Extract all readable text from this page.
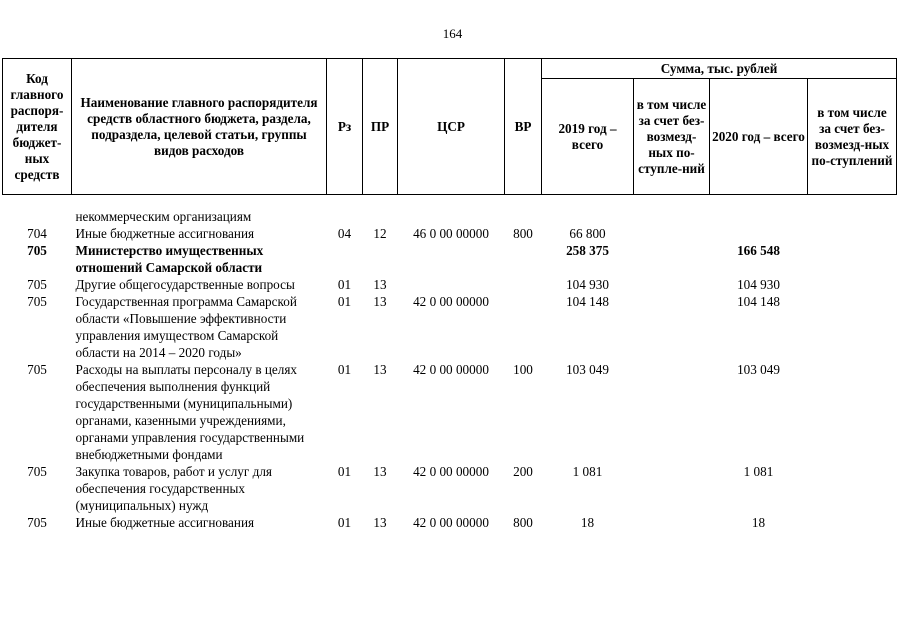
164
Код главного распоря-дителя бюджет-ных средств	Наименование главного распорядителя средств областного бюджета, раздела, подраздела, целевой статьи, группы видов расходов	Рз	ПР	ЦСР	ВР	Сумма, тыс. рублей			
						2019 год – всего	в том числе за счет без-возмезд-ных по-ступле-ний	2020 год – всего	в том числе за счет без-возмезд-ных по-ступлений

	некоммерческим организациям								
704	Иные бюджетные ассигнования	04	12	46 0 00 00000	800	66 800			
705	Министерство имущественных отношений Самарской области					258 375		166 548	
705	Другие общегосударственные вопросы	01	13			104 930		104 930	
705	Государственная программа Самарской области «Повышение эффективности управления имуществом Самарской области на 2014 – 2020 годы»	01	13	42 0 00 00000		104 148		104 148	
705	Расходы на выплаты персоналу в целях обеспечения выполнения функций государственными (муниципальными) органами, казенными учреждениями, органами управления государственными внебюджетными фондами	01	13	42 0 00 00000	100	103 049		103 049	
705	Закупка товаров, работ и услуг для обеспечения государственных (муниципальных) нужд	01	13	42 0 00 00000	200	1 081		1 081	
705	Иные бюджетные ассигнования	01	13	42 0 00 00000	800	18		18	
